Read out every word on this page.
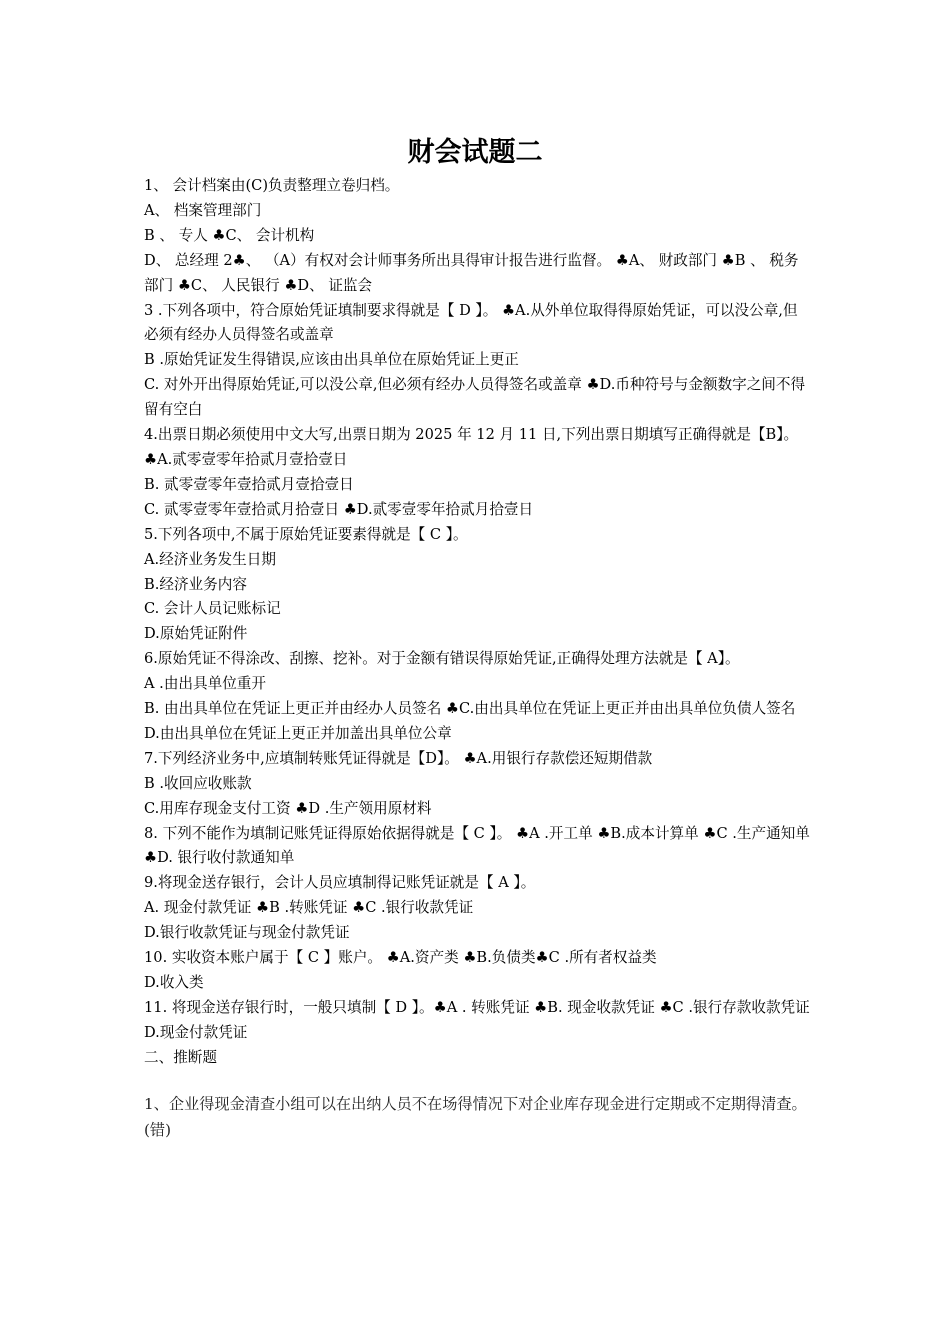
财会试题二

1、 会计档案由(C)负责整理立卷归档。

A、 档案管理部门

B 、 专人 ♣C、 会计机构

D、 总经理 2♣、 （A）有权对会计师事务所出具得审计报告进行监督。 ♣A、 财政部门 ♣B 、 税务部门 ♣C、 人民银行 ♣D、 证监会

3 .下列各项中，符合原始凭证填制要求得就是【 D 】。 ♣A.从外单位取得得原始凭证，可以没公章,但必须有经办人员得签名或盖章

B .原始凭证发生得错误,应该由出具单位在原始凭证上更正

C. 对外开出得原始凭证,可以没公章,但必须有经办人员得签名或盖章 ♣D.币种符号与金额数字之间不得留有空白

4.出票日期必须使用中文大写,出票日期为 2025 年 12 月 11 日,下列出票日期填写正确得就是【B】。 ♣A.贰零壹零年拾贰月壹拾壹日

B. 贰零壹零年壹拾贰月壹拾壹日

C. 贰零壹零年壹拾贰月拾壹日 ♣D.贰零壹零年拾贰月拾壹日

5.下列各项中,不属于原始凭证要素得就是【 C 】。

A.经济业务发生日期

B.经济业务内容

C. 会计人员记账标记

D.原始凭证附件

6.原始凭证不得涂改、刮擦、挖补。对于金额有错误得原始凭证,正确得处理方法就是【 A】。

A .由出具单位重开

B. 由出具单位在凭证上更正并由经办人员签名 ♣C.由出具单位在凭证上更正并由出具单位负债人签名

D.由出具单位在凭证上更正并加盖出具单位公章

7.下列经济业务中,应填制转账凭证得就是【D】。 ♣A.用银行存款偿还短期借款

B .收回应收账款

C.用库存现金支付工资 ♣D .生产领用原材料

8. 下列不能作为填制记账凭证得原始依据得就是【 C 】。 ♣A .开工单 ♣B.成本计算单 ♣C .生产通知单 ♣D. 银行收付款通知单

9.将现金送存银行，会计人员应填制得记账凭证就是【 A 】。

A. 现金付款凭证 ♣B .转账凭证 ♣C .银行收款凭证

D.银行收款凭证与现金付款凭证

10. 实收资本账户属于【 C 】账户。 ♣A.资产类 ♣B.负债类♣C .所有者权益类

D.收入类

11. 将现金送存银行时，一般只填制【 D 】。♣A . 转账凭证 ♣B. 现金收款凭证 ♣C .银行存款收款凭证

D.现金付款凭证

二、推断题

1、企业得现金清查小组可以在出纳人员不在场得情况下对企业库存现金进行定期或不定期得清查。(错)
